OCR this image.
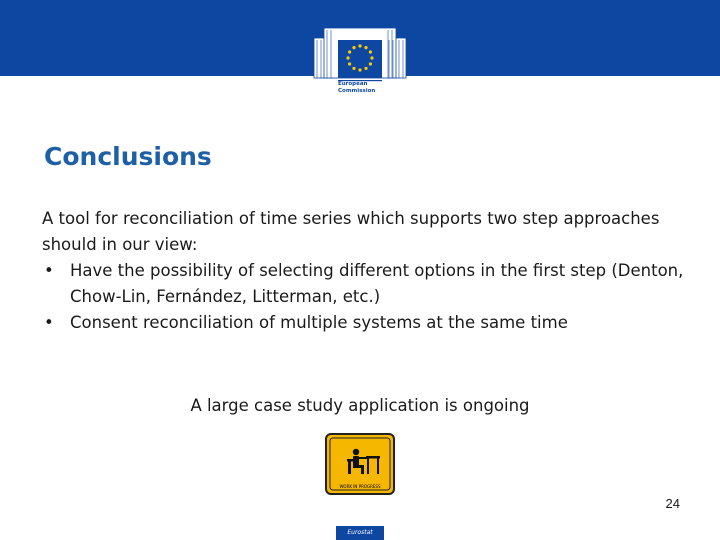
European Commission
Conclusions

A tool for reconciliation of time series which supports two step approaches should in our view:

• Have the possibility of selecting different options in the first step (Denton, Chow-Lin, Fernández, Litterman, etc.)
• Consent reconciliation of multiple systems at the same time
A large case study application is ongoing
WORK IN PROGRESS
24
Eurostat
